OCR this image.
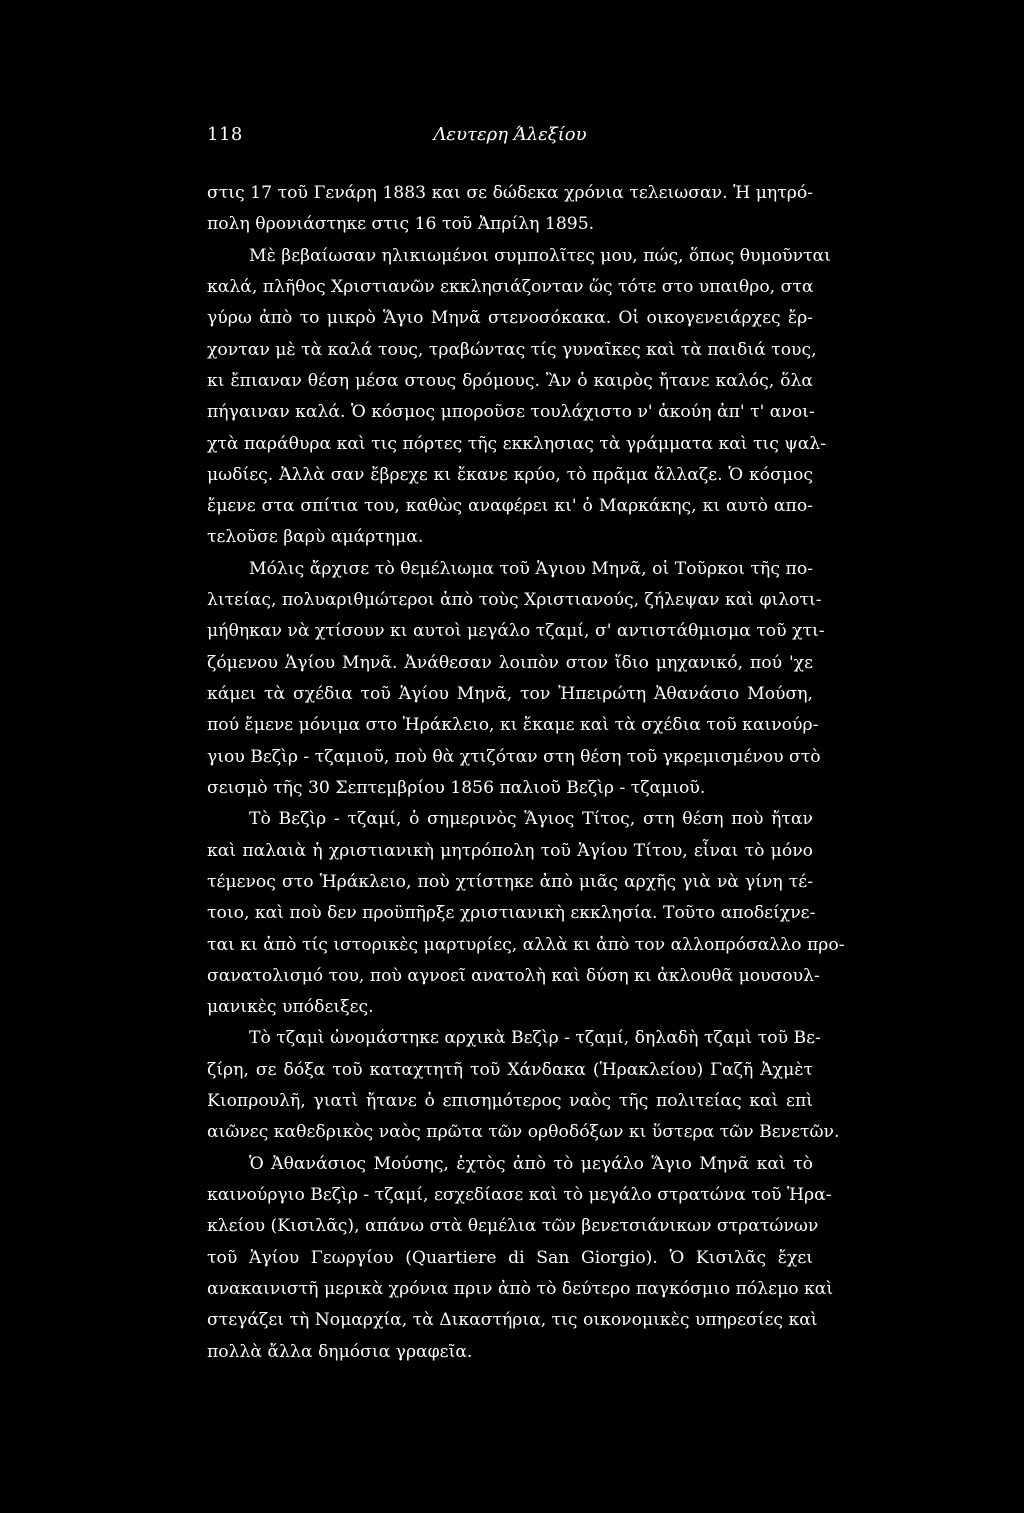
118	Λευτερη Άλεξίου
στις 17 τοῦ Γενάρη 1883 και σε δώδεκα χρόνια τελειωσαν. Ἡ μητρό-
πολη θρονιάστηκε στις 16 τοῦ Ἀπρίλη 1895.
Μὲ βεβαίωσαν ηλικιωμένοι συμπολῖτες μου, πώς, ὅπως θυμοῦνται
καλά, πλῆθος Χριστιανῶν εκκλησιάζονταν ὥς τότε στο υπαιθρο, στα
γύρω ἀπὸ το μικρὸ Ἅγιο Μηνᾶ στενοσόκακα. Οἱ οικογενειάρχες ἔρ-
χονταν μὲ τὰ καλά τους, τραβώντας τίς γυναῖκες καὶ τὰ παιδιά τους,
κι ἔπιαναν θέση μέσα στους δρόμους. Ἂν ὁ καιρὸς ἤτανε καλός, ὅλα
πήγαιναν καλά. Ὁ κόσμος μποροῦσε τουλάχιστο ν' ἀκούη ἀπ' τ' ανοι-
χτὰ παράθυρα καὶ τις πόρτες τῆς εκκλησιας τὰ γράμματα καὶ τις ψαλ-
μωδίες. Ἀλλὰ σαν ἔβρεχε κι ἔκανε κρύο, τὸ πρᾶμα ἄλλαζε. Ὁ κόσμος
ἔμενε στα σπίτια του, καθὼς αναφέρει κι' ὁ Μαρκάκης, κι αυτὸ απο-
τελοῦσε βαρὺ αμάρτημα.
Μόλις ἄρχισε τὸ θεμέλιωμα τοῦ Ἁγιου Μηνᾶ, οἱ Τοῦρκοι τῆς πο-
λιτείας, πολυαριθμώτεροι ἀπὸ τοὺς Χριστιανούς, ζήλεψαν καὶ φιλοτι-
μήθηκαν νὰ χτίσουν κι αυτοὶ μεγάλο τζαμί, σ' αντιστάθμισμα τοῦ χτι-
ζόμενου Ἁγίου Μηνᾶ. Ἀνάθεσαν λοιπὸν στον ἴδιο μηχανικό, πού 'χε
κάμει τὰ σχέδια τοῦ Ἁγίου Μηνᾶ, τον Ἠπειρώτη Ἀθανάσιο Μούση,
πού ἔμενε μόνιμα στο Ἡράκλειο, κι ἔκαμε καὶ τὰ σχέδια τοῦ καινούρ-
γιου Βεζὶρ - τζαμιοῦ, ποὺ θὰ χτιζόταν στη θέση τοῦ γκρεμισμένου στὸ
σεισμὸ τῆς 30 Σεπτεμβρίου 1856 παλιοῦ Βεζὶρ - τζαμιοῦ.
Τὸ Βεζὶρ - τζαμί, ὁ σημερινὸς Ἅγιος Τίτος, στη θέση ποὺ ἤταν
καὶ παλαιὰ ἡ χριστιανικὴ μητρόπολη τοῦ Ἁγίου Τίτου, εἶναι τὸ μόνο
τέμενος στο Ἡράκλειο, ποὺ χτίστηκε ἀπὸ μιᾶς αρχῆς γιὰ νὰ γίνη τέ-
τοιο, καὶ ποὺ δεν προϋπῆρξε χριστιανικὴ εκκλησία. Τοῦτο αποδείχνε-
ται κι ἀπὸ τίς ιστορικὲς μαρτυρίες, αλλὰ κι ἀπὸ τον αλλοπρόσαλλο προ-
σανατολισμό του, ποὺ αγνοεῖ ανατολὴ καὶ δύση κι ἀκλουθᾶ μουσουλ-
μανικὲς υπόδειξες.
Τὸ τζαμὶ ὠνομάστηκε αρχικὰ Βεζὶρ - τζαμί, δηλαδὴ τζαμὶ τοῦ Βε-
ζίρη, σε δόξα τοῦ καταχτητῆ τοῦ Χάνδακα (Ἡρακλείου) Γαζῆ Ἀχμὲτ
Κιοπρουλῆ, γιατὶ ἤτανε ὁ επισημότερος ναὸς τῆς πολιτείας καὶ επὶ
αιῶνες καθεδρικὸς ναὸς πρῶτα τῶν ορθοδόξων κι ὕστερα τῶν Βενετῶν.
Ὁ Ἀθανάσιος Μούσης, ἐχτὸς ἀπὸ τὸ μεγάλο Ἅγιο Μηνᾶ καὶ τὸ
καινούργιο Βεζὶρ - τζαμί, εσχεδίασε καὶ τὸ μεγάλο στρατώνα τοῦ Ἡρα-
κλείου (Κισιλᾶς), απάνω στὰ θεμέλια τῶν βενετσιάνικων στρατώνων
τοῦ Ἁγίου Γεωργίου (Quartiere di San Giorgio). Ὁ Κισιλᾶς ἔχει
ανακαινιστῆ μερικὰ χρόνια πριν ἀπὸ τὸ δεύτερο παγκόσμιο πόλεμο καὶ
στεγάζει τὴ Νομαρχία, τὰ Δικαστήρια, τις οικονομικὲς υπηρεσίες καὶ
πολλὰ ἄλλα δημόσια γραφεῖα.
